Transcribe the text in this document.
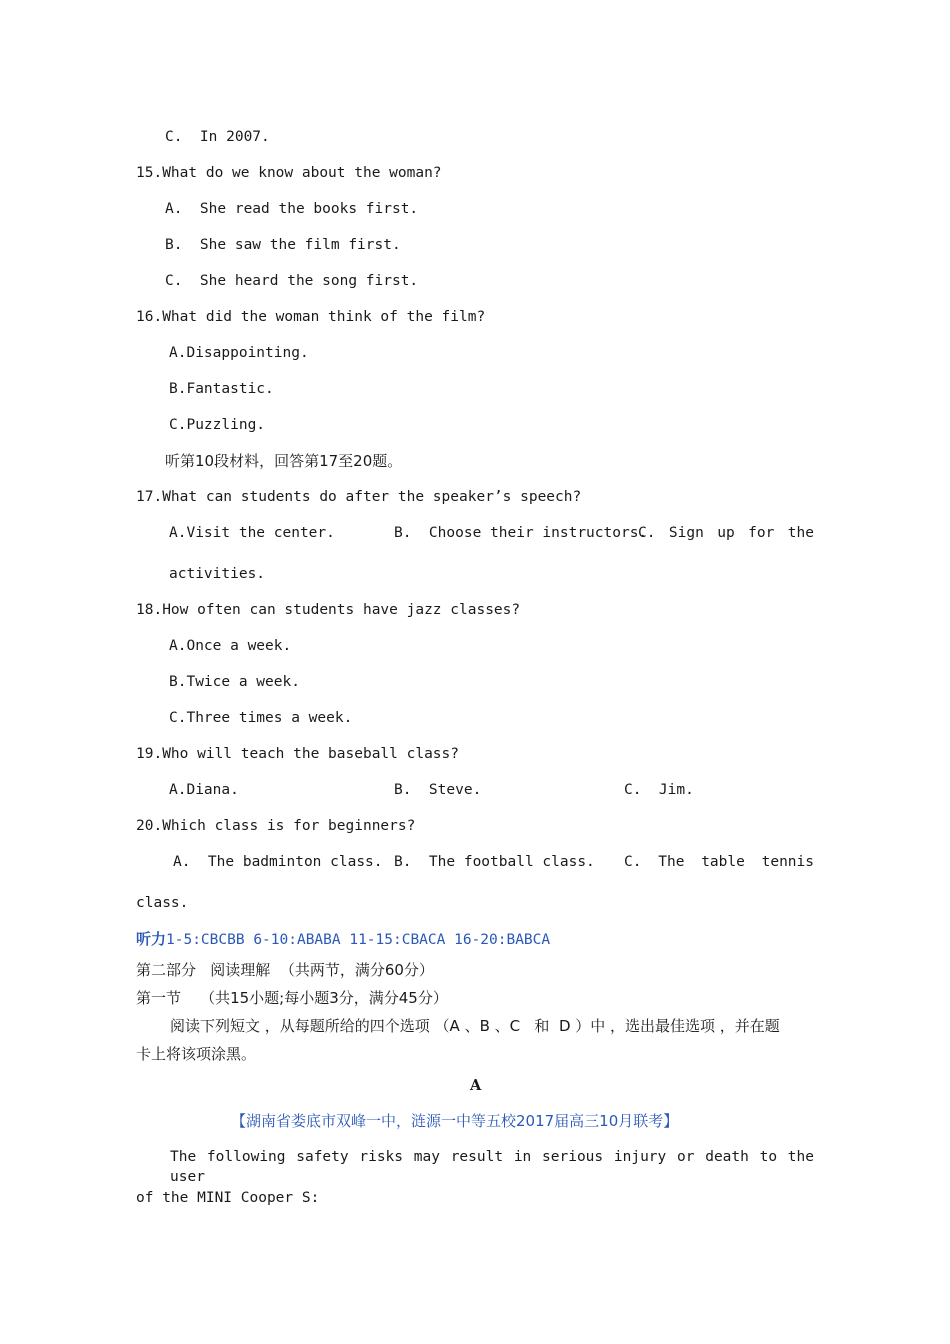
C.  In 2007.

15.What do we know about the woman?

A.  She read the books first.

B.  She saw the film first.

C.  She heard the song first.

16.What did the woman think of the film?

A.Disappointing.

B.Fantastic.

C.Puzzling.

听第10段材料，回答第17至20题。

17.What can students do after the speaker’s speech?

A.Visit the center.	B.  Choose their instructors.
C. Sign up for the

activities.

18.How often can students have jazz classes?

A.Once a week.

B.Twice a week.

C.Three times a week.

19.Who will teach the baseball class?

A.Diana.	B.  Steve.	C.  Jim.

20.Which class is for beginners?

A.  The badminton class. B.  The football class. C. The table tennis

class.

听力1-5:CBCBB 6-10:ABABA 11-15:CBACA 16-20:BABCA

第二部分   阅读理解  （共两节，满分60分）

第一节    （共15小题;每小题3分，满分45分）

阅读下列短文 ，从每题所给的四个选项 （A 、B 、C   和  D ）中 ，选出最佳选项 ，并在题

卡上将该项涂黑。

A

【湖南省娄底市双峰一中，涟源一中等五校2017届高三10月联考】

The following safety risks may result in serious injury or death to the user

of the MINI Cooper S:
